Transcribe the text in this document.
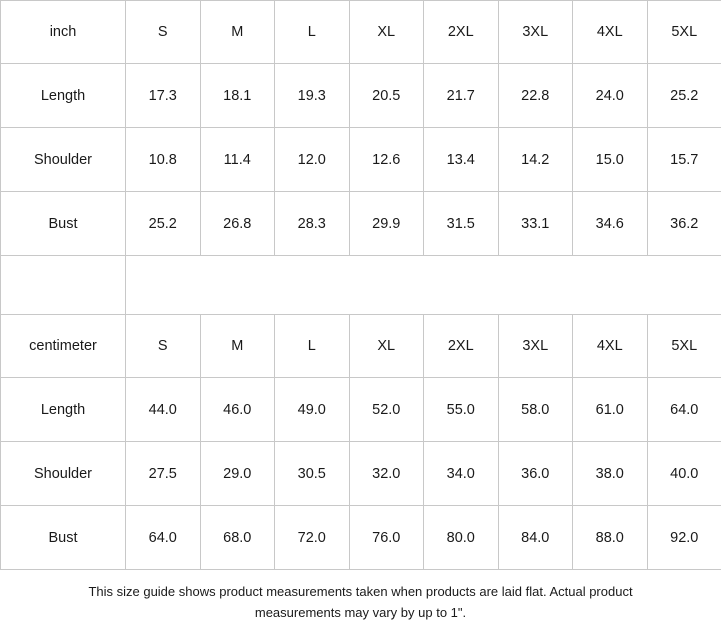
inch	S	M	L	XL	2XL	3XL	4XL	5XL
Length	17.3	18.1	19.3	20.5	21.7	22.8	24.0	25.2
Shoulder	10.8	11.4	12.0	12.6	13.4	14.2	15.0	15.7
Bust	25.2	26.8	28.3	29.9	31.5	33.1	34.6	36.2

centimeter	S	M	L	XL	2XL	3XL	4XL	5XL
Length	44.0	46.0	49.0	52.0	55.0	58.0	61.0	64.0
Shoulder	27.5	29.0	30.5	32.0	34.0	36.0	38.0	40.0
Bust	64.0	68.0	72.0	76.0	80.0	84.0	88.0	92.0
This size guide shows product measurements taken when products are laid flat. Actual product
measurements may vary by up to 1".
